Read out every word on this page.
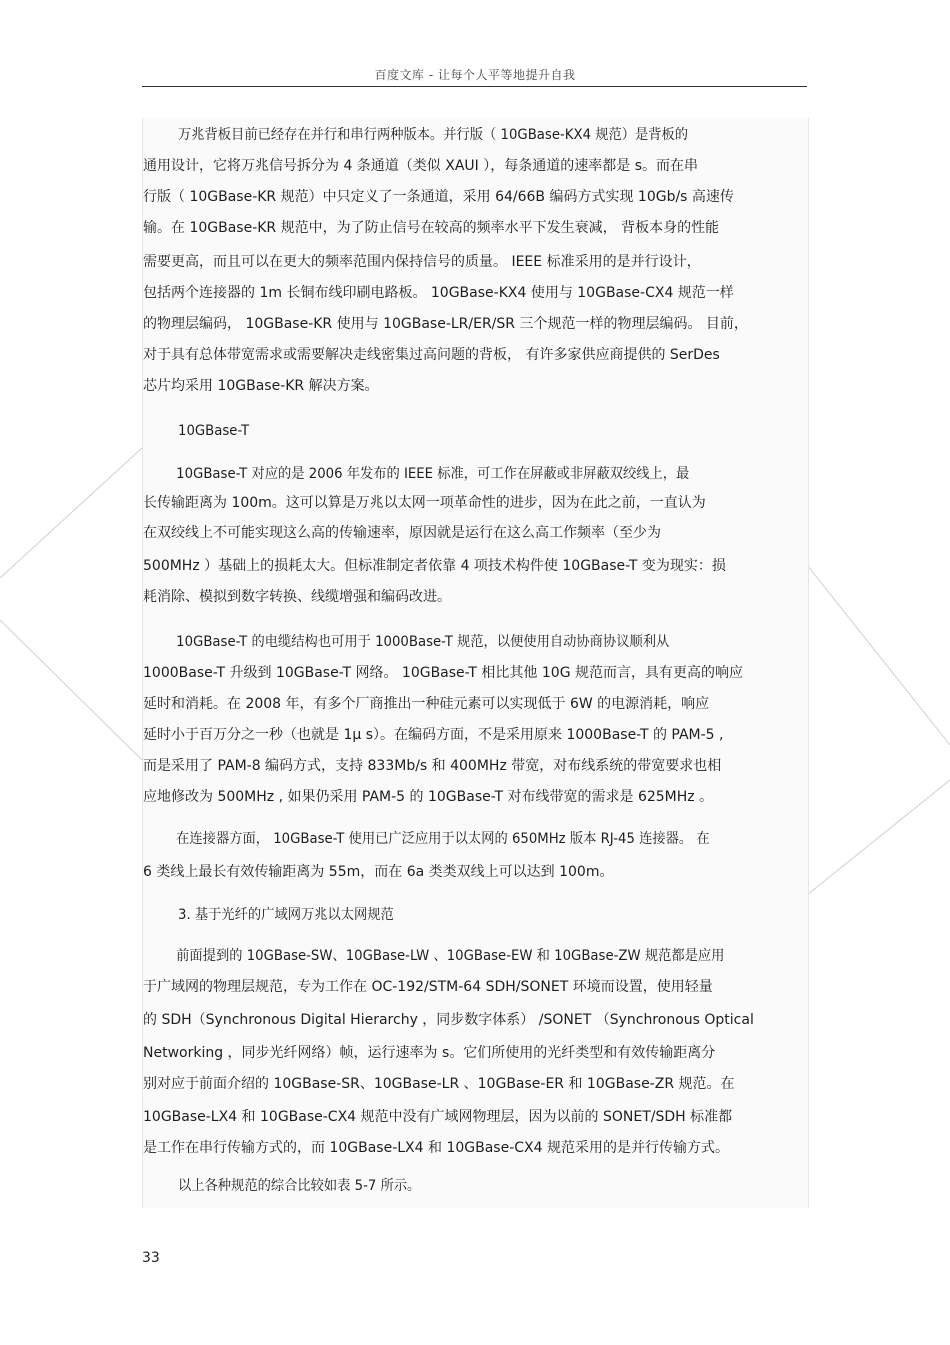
百度文库 - 让每个人平等地提升自我
万兆背板目前已经存在并行和串行两种版本。并行版（ 10GBase-KX4 规范）是背板的
通用设计，它将万兆信号拆分为 4 条通道（类似 XAUI ），每条通道的速率都是 s。而在串
行版（ 10GBase-KR 规范）中只定义了一条通道，采用 64/66B 编码方式实现 10Gb/s 高速传
输。在 10GBase-KR 规范中，为了防止信号在较高的频率水平下发生衰减， 背板本身的性能
需要更高，而且可以在更大的频率范围内保持信号的质量。 IEEE 标准采用的是并行设计，
包括两个连接器的 1m 长铜布线印刷电路板。 10GBase-KX4 使用与 10GBase-CX4 规范一样
的物理层编码， 10GBase-KR 使用与 10GBase-LR/ER/SR 三个规范一样的物理层编码。 目前，
对于具有总体带宽需求或需要解决走线密集过高问题的背板， 有许多家供应商提供的 SerDes
芯片均采用 10GBase-KR 解决方案。
10GBase-T
10GBase-T 对应的是 2006 年发布的 IEEE 标准，可工作在屏蔽或非屏蔽双绞线上，最
长传输距离为 100m。这可以算是万兆以太网一项革命性的进步，因为在此之前，一直认为
在双绞线上不可能实现这么高的传输速率，原因就是运行在这么高工作频率（至少为
500MHz ）基础上的损耗太大。但标准制定者依靠 4 项技术构件使 10GBase-T 变为现实：损
耗消除、模拟到数字转换、线缆增强和编码改进。
10GBase-T 的电缆结构也可用于 1000Base-T 规范，以便使用自动协商协议顺利从
1000Base-T 升级到 10GBase-T 网络。 10GBase-T 相比其他 10G 规范而言，具有更高的响应
延时和消耗。在 2008 年，有多个厂商推出一种硅元素可以实现低于 6W 的电源消耗，响应
延时小于百万分之一秒（也就是 1μ s）。在编码方面，不是采用原来 1000Base-T 的 PAM-5 ,
而是采用了 PAM-8 编码方式，支持 833Mb/s 和 400MHz 带宽，对布线系统的带宽要求也相
应地修改为 500MHz , 如果仍采用 PAM-5 的 10GBase-T 对布线带宽的需求是 625MHz 。
在连接器方面， 10GBase-T 使用已广泛应用于以太网的 650MHz 版本 RJ-45 连接器。 在
6 类线上最长有效传输距离为 55m，而在 6a 类类双线上可以达到 100m。
3. 基于光纤的广域网万兆以太网规范
前面提到的 10GBase-SW、10GBase-LW 、10GBase-EW 和 10GBase-ZW 规范都是应用
于广域网的物理层规范，专为工作在 OC-192/STM-64 SDH/SONET 环境而设置，使用轻量
的 SDH（Synchronous Digital Hierarchy ，同步数字体系） /SONET （Synchronous Optical
Networking ，同步光纤网络）帧，运行速率为 s。它们所使用的光纤类型和有效传输距离分
别对应于前面介绍的 10GBase-SR、10GBase-LR 、10GBase-ER 和 10GBase-ZR 规范。在
10GBase-LX4 和 10GBase-CX4 规范中没有广域网物理层，因为以前的 SONET/SDH 标准都
是工作在串行传输方式的，而 10GBase-LX4 和 10GBase-CX4 规范采用的是并行传输方式。
以上各种规范的综合比较如表 5-7 所示。
33
